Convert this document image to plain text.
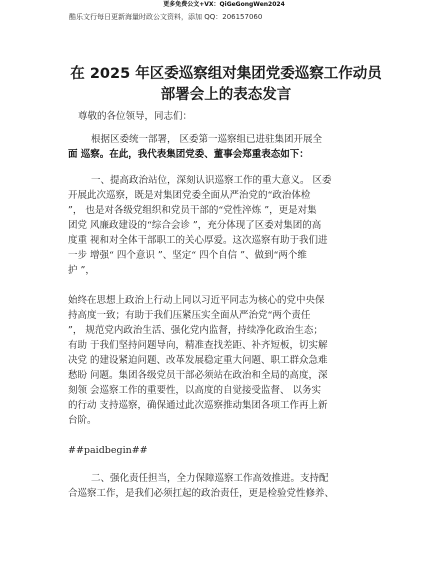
更多免费公文+VX：QiGeGongWen2024
酷乐文行每日更新海量时政公文资料，添加 QQ：206157060
在 2025 年区委巡察组对集团党委巡察工作动员
部署会上的表态发言
尊敬的各位领导，同志们：
根据区委统一部署， 区委第一巡察组已进驻集团开展全
面 巡察。在此，我代表集团党委、董事会郑重表态如下：
一、提高政治站位，深刻认识巡察工作的重大意义。 区委
开展此次巡察，既是对集团党委全面从严治党的“政治体检
”， 也是对各级党组织和党员干部的“党性淬炼 ”，更是对集
团党 风廉政建设的“综合会诊 ”，充分体现了区委对集团的高
度重 视和对全体干部职工的关心厚爱。这次巡察有助于我们进
一步 增强“ 四个意识 ”、坚定“ 四个自信 ”、做到“两个维
护 ”，
始终在思想上政治上行动上同以习近平同志为核心的党中央保
持高度一致；有助于我们压紧压实全面从严治党“两个责任
”， 规范党内政治生活、强化党内监督，持续净化政治生态；
有助 于我们坚持问题导向，精准查找差距、补齐短板，切实解
决党 的建设紧迫问题、改革发展稳定重大问题、职工群众急难
愁盼 问题。集团各级党员干部必须站在政治和全局的高度，深
刻领 会巡察工作的重要性，以高度的自觉接受监督、 以务实
的行动 支持巡察，确保通过此次巡察推动集团各项工作再上新
台阶。
##paidbegin##
二、强化责任担当，全力保障巡察工作高效推进。支持配
合巡察工作，是我们必须扛起的政治责任，更是检验党性修养、
